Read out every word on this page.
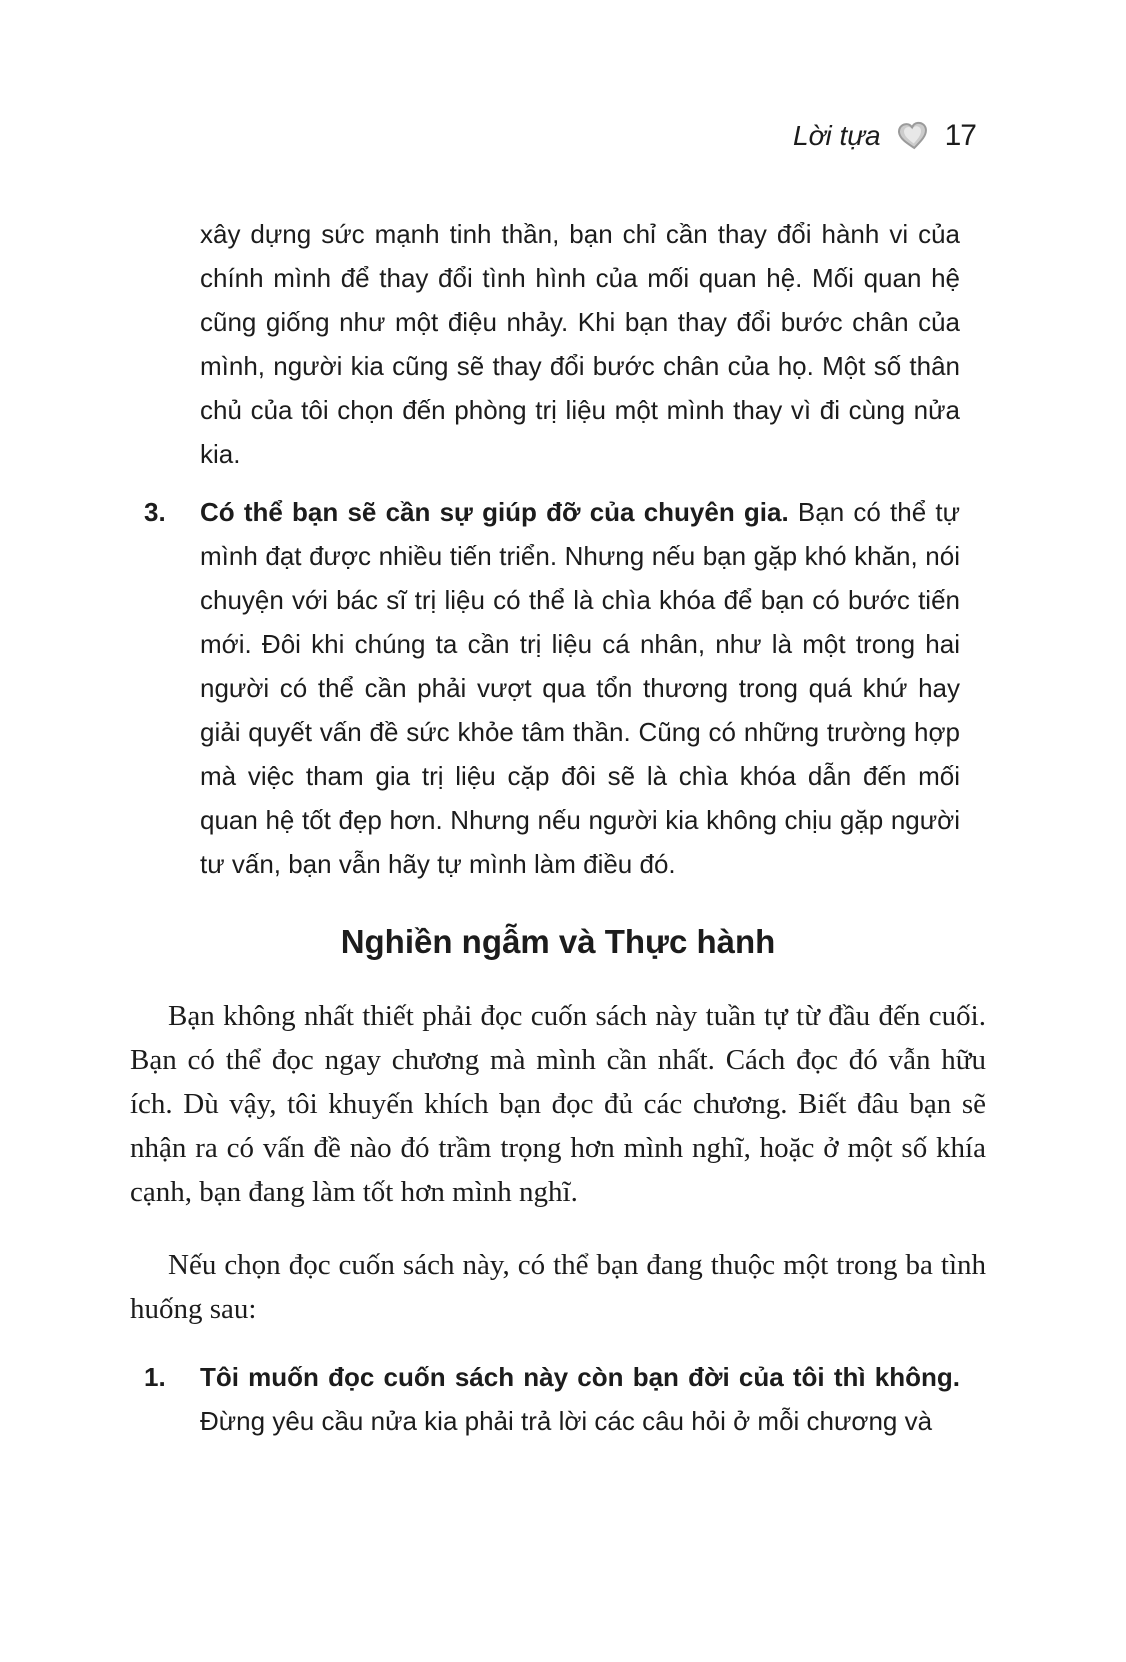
Lời tựa 17

xây dựng sức mạnh tinh thần, bạn chỉ cần thay đổi hành vi của chính mình để thay đổi tình hình của mối quan hệ. Mối quan hệ cũng giống như một điệu nhảy. Khi bạn thay đổi bước chân của mình, người kia cũng sẽ thay đổi bước chân của họ. Một số thân chủ của tôi chọn đến phòng trị liệu một mình thay vì đi cùng nửa kia.

3. Có thể bạn sẽ cần sự giúp đỡ của chuyên gia. Bạn có thể tự mình đạt được nhiều tiến triển. Nhưng nếu bạn gặp khó khăn, nói chuyện với bác sĩ trị liệu có thể là chìa khóa để bạn có bước tiến mới. Đôi khi chúng ta cần trị liệu cá nhân, như là một trong hai người có thể cần phải vượt qua tổn thương trong quá khứ hay giải quyết vấn đề sức khỏe tâm thần. Cũng có những trường hợp mà việc tham gia trị liệu cặp đôi sẽ là chìa khóa dẫn đến mối quan hệ tốt đẹp hơn. Nhưng nếu người kia không chịu gặp người tư vấn, bạn vẫn hãy tự mình làm điều đó.

Nghiền ngẫm và Thực hành

Bạn không nhất thiết phải đọc cuốn sách này tuần tự từ đầu đến cuối. Bạn có thể đọc ngay chương mà mình cần nhất. Cách đọc đó vẫn hữu ích. Dù vậy, tôi khuyến khích bạn đọc đủ các chương. Biết đâu bạn sẽ nhận ra có vấn đề nào đó trầm trọng hơn mình nghĩ, hoặc ở một số khía cạnh, bạn đang làm tốt hơn mình nghĩ.

Nếu chọn đọc cuốn sách này, có thể bạn đang thuộc một trong ba tình huống sau:

1. Tôi muốn đọc cuốn sách này còn bạn đời của tôi thì không. Đừng yêu cầu nửa kia phải trả lời các câu hỏi ở mỗi chương và
